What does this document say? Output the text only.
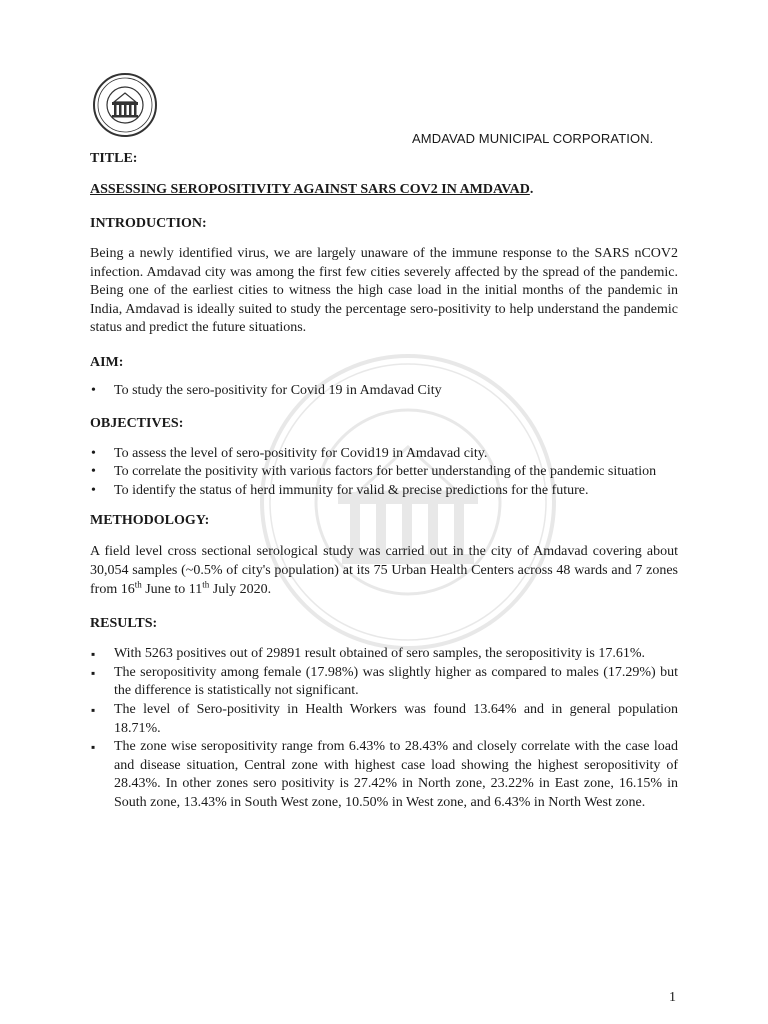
AMDAVAD MUNICIPAL CORPORATION.

TITLE:

ASSESSING SEROPOSITIVITY AGAINST SARS COV2 IN AMDAVAD.

INTRODUCTION:

Being a newly identified virus, we are largely unaware of the immune response to the SARS nCOV2 infection. Amdavad city was among the first few cities severely affected by the spread of the pandemic. Being one of the earliest cities to witness the high case load in the initial months of the pandemic in India, Amdavad is ideally suited to study the percentage sero-positivity to help understand the pandemic status and predict the future situations.

AIM:

• To study the sero-positivity for Covid 19 in Amdavad City

OBJECTIVES:

• To assess the level of sero-positivity for Covid19 in Amdavad city.
• To correlate the positivity with various factors for better understanding of the pandemic situation
• To identify the status of herd immunity for valid & precise predictions for the future.

METHODOLOGY:

A field level cross sectional serological study was carried out in the city of Amdavad covering about 30,054 samples (~0.5% of city's population) at its 75 Urban Health Centers across 48 wards and 7 zones from 16th June to 11th July 2020.

RESULTS:

▪ With 5263 positives out of 29891 result obtained of sero samples, the seropositivity is 17.61%.
▪ The seropositivity among female (17.98%) was slightly higher as compared to males (17.29%) but the difference is statistically not significant.
▪ The level of Sero-positivity in Health Workers was found 13.64% and in general population 18.71%.
▪ The zone wise seropositivity range from 6.43% to 28.43% and closely correlate with the case load and disease situation, Central zone with highest case load showing the highest seropositivity of 28.43%. In other zones sero positivity is 27.42% in North zone, 23.22% in East zone, 16.15% in South zone, 13.43% in South West zone, 10.50% in West zone, and 6.43% in North West zone.
1
